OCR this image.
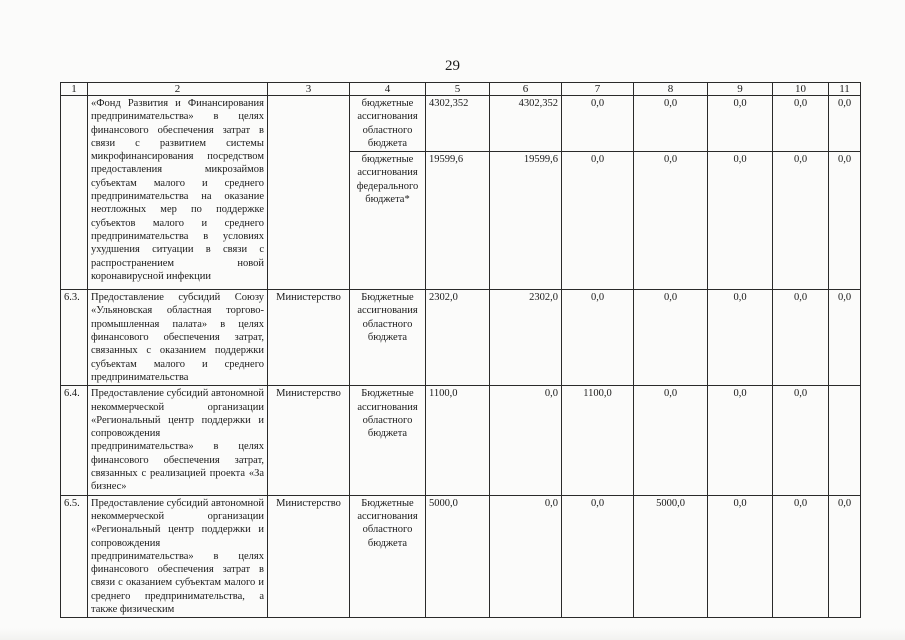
29
1	2	3	4	5	6	7	8	9	10	11
	«Фонд Развития и Финансирования предпринимательства» в целях финансового обеспечения затрат в связи с развитием системы микрофинансирования посредством предоставления микрозаймов субъектам малого и среднего предпринимательства на оказание неотложных мер по поддержке субъектов малого и среднего предпринимательства в условиях ухудшения ситуации в связи с распространением новой коронавирусной инфекции		бюджетные ассигнования областного бюджета	4302,352	4302,352	0,0	0,0	0,0	0,0	0,0
			бюджетные ассигнования федерального бюджета*	19599,6	19599,6	0,0	0,0	0,0	0,0	0,0
6.3.	Предоставление субсидий Союзу «Ульяновская областная торгово-промышленная палата» в целях финансового обеспечения затрат, связанных с оказанием поддержки субъектам малого и среднего предпринимательства	Министерство	Бюджетные ассигнования областного бюджета	2302,0	2302,0	0,0	0,0	0,0	0,0	0,0
6.4.	Предоставление субсидий автономной некоммерческой организации «Региональный центр поддержки и сопровождения предпринимательства» в целях финансового обеспечения затрат, связанных с реализацией проекта «За бизнес»	Министерство	Бюджетные ассигнования областного бюджета	1100,0	0,0	1100,0	0,0	0,0	0,0	
6.5.	Предоставление субсидий автономной некоммерческой организации «Региональный центр поддержки и сопровождения предпринимательства» в целях финансового обеспечения затрат в связи с оказанием субъектам малого и среднего предпринимательства, а также физическим	Министерство	Бюджетные ассигнования областного бюджета	5000,0	0,0	0,0	5000,0	0,0	0,0	0,0
